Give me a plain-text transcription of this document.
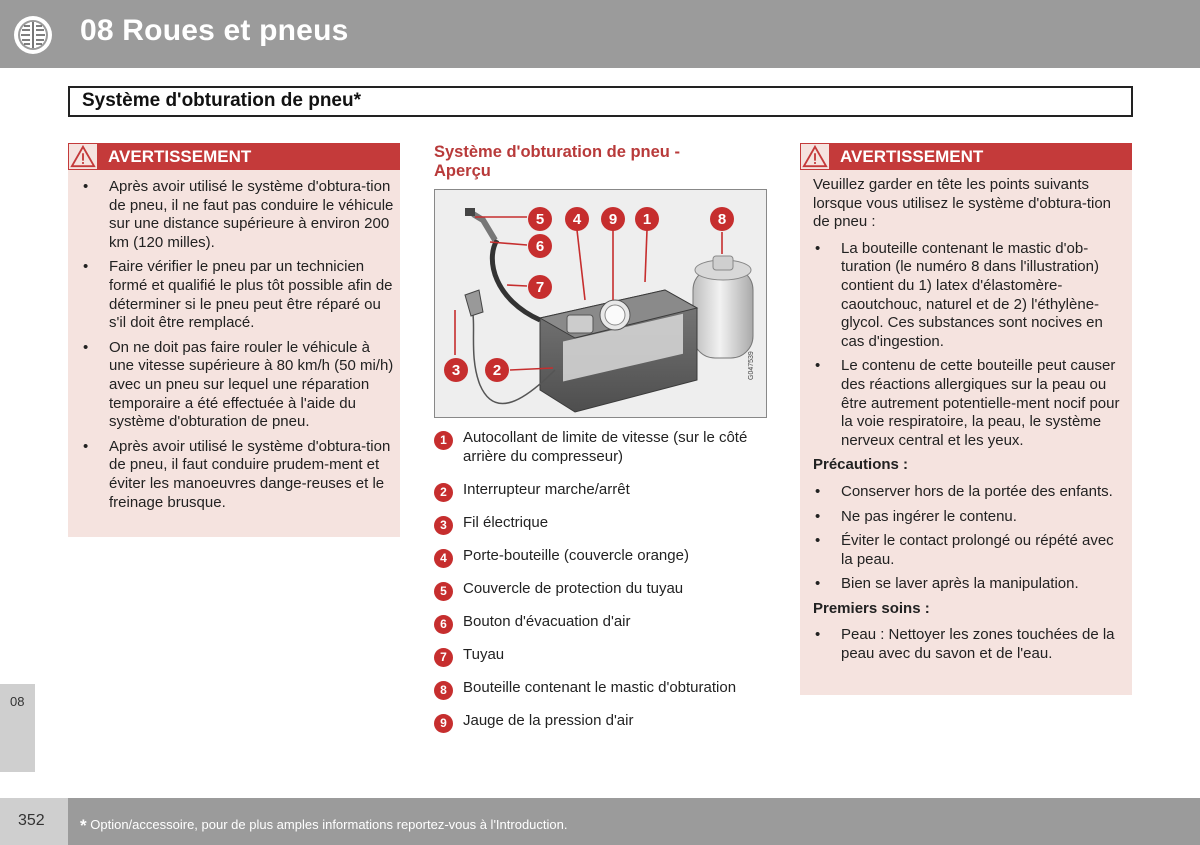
08 Roues et pneus
Système d'obturation de pneu*
AVERTISSEMENT
• Après avoir utilisé le système d'obtura-tion de pneu, il ne faut pas conduire le véhicule sur une distance supérieure à environ 200 km (120 milles).
• Faire vérifier le pneu par un technicien formé et qualifié le plus tôt possible afin de déterminer si le pneu peut être réparé ou s'il doit être remplacé.
• On ne doit pas faire rouler le véhicule à une vitesse supérieure à 80 km/h (50 mi/h) avec un pneu sur lequel une réparation temporaire a été effectuée à l'aide du système d'obturation de pneu.
• Après avoir utilisé le système d'obtura-tion de pneu, il faut conduire prudem-ment et éviter les manoeuvres dange-reuses et le freinage brusque.
Système d'obturation de pneu - Aperçu
5 4 9 1	8
6
7
3 2	G047539
1	Autocollant de limite de vitesse (sur le côté arrière du compresseur)
2	Interrupteur marche/arrêt
3	Fil électrique
4	Porte-bouteille (couvercle orange)
5	Couvercle de protection du tuyau
6	Bouton d'évacuation d'air
7	Tuyau
8	Bouteille contenant le mastic d'obturation
9	Jauge de la pression d'air
AVERTISSEMENT
Veuillez garder en tête les points suivants lorsque vous utilisez le système d'obtura-tion de pneu :
• La bouteille contenant le mastic d'ob-turation (le numéro 8 dans l'illustration) contient du 1) latex d'élastomère-caoutchouc, naturel et de 2) l'éthylène-glycol. Ces substances sont nocives en cas d'ingestion.
• Le contenu de cette bouteille peut causer des réactions allergiques sur la peau ou être autrement potentielle-ment nocif pour la voie respiratoire, la peau, le système nerveux central et les yeux.
Précautions :
• Conserver hors de la portée des enfants.
• Ne pas ingérer le contenu.
• Éviter le contact prolongé ou répété avec la peau.
• Bien se laver après la manipulation.
Premiers soins :
• Peau : Nettoyer les zones touchées de la peau avec du savon et de l'eau.
08
352 * Option/accessoire, pour de plus amples informations reportez-vous à l'Introduction.
